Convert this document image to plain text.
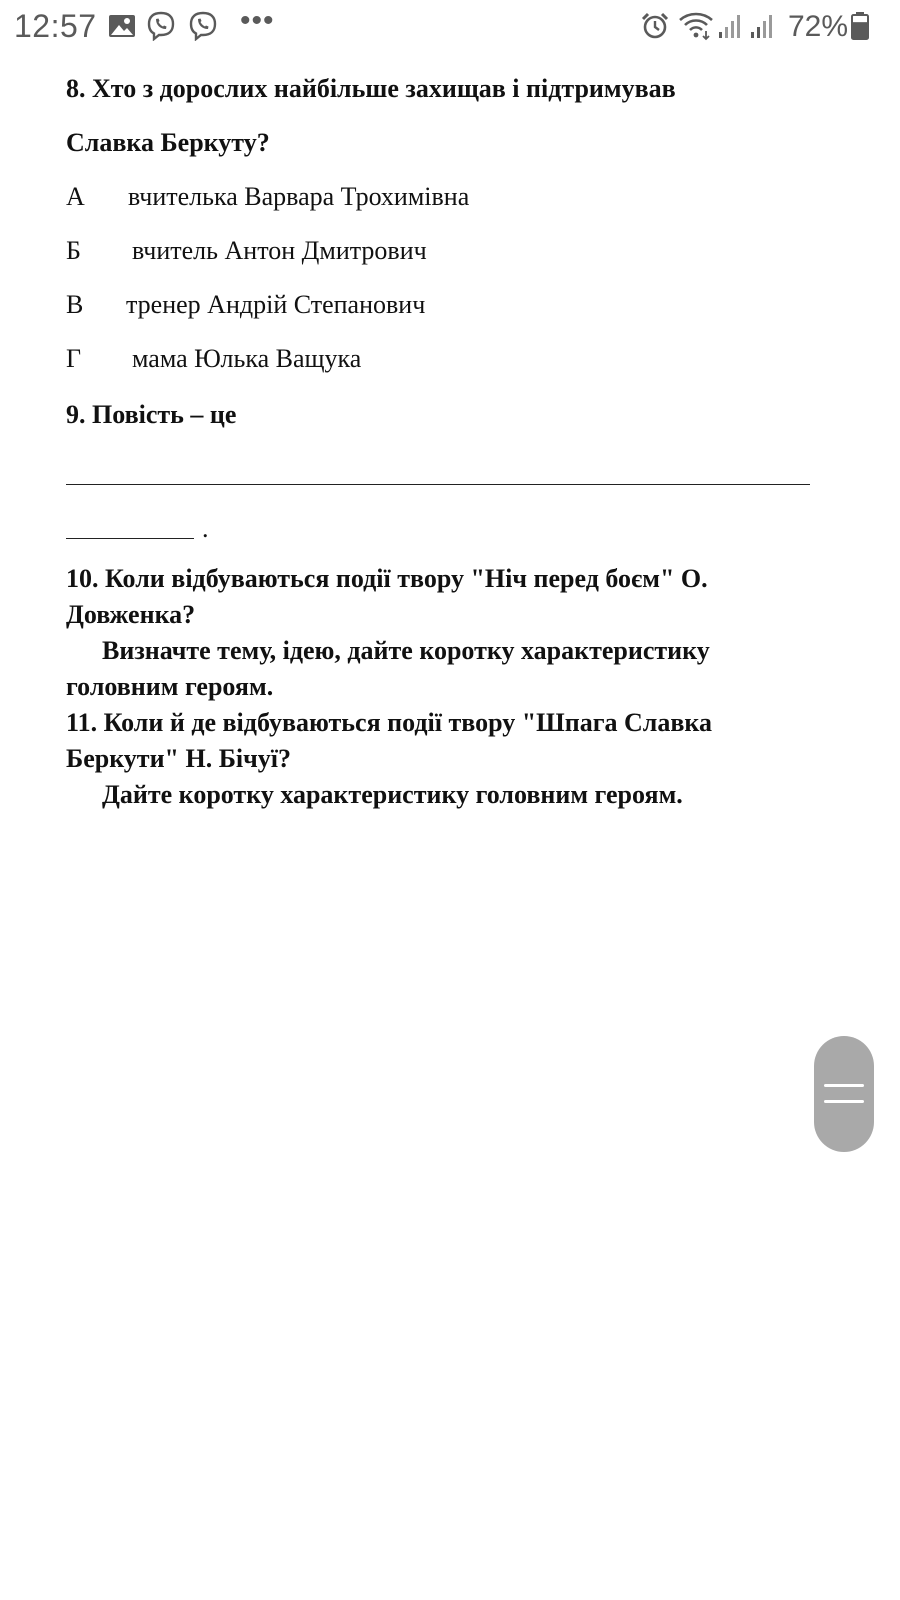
12:57	•••	72%
8. Хто з дорослих найбільше захищав і підтримував
Славка Беркуту?
А вчителька Варвара Трохимівна
Б вчитель Антон Дмитрович
В тренер Андрій Степанович
Г мама Юлька Ващука
9. Повість – це
.
10. Коли відбуваються події твору "Ніч перед боєм" О.
Довженка?
Визначте тему, ідею, дайте коротку характеристику
головним героям.
11. Коли й де відбуваються події твору "Шпага Славка
Беркути" Н. Бічуї?
Дайте коротку характеристику головним героям.
